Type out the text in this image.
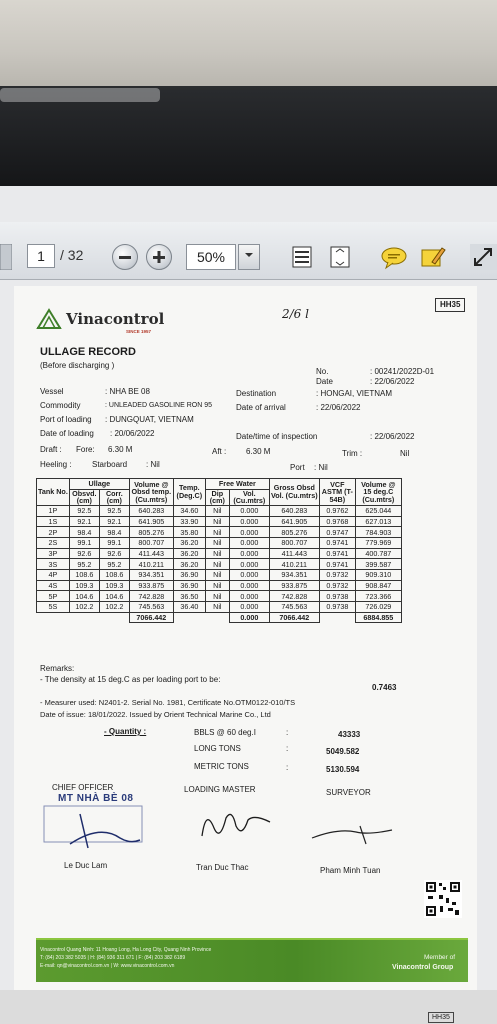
1	/ 32	50%
HH35
2/6 l
Vinacontrol
SINCE 1957
ULLAGE RECORD
(Before discharging )
No.	: 00241/2022D-01
Date	: 22/06/2022
Vessel	: NHA BE 08	Destination	: HONGAI, VIETNAM
Commodity	: UNLEADED GASOLINE RON 95	Date of arrival	: 22/06/2022
Port of loading : DUNGQUAT, VIETNAM
Date of loading : 20/06/2022	Date/time of inspection	: 22/06/2022
Draft : Fore: 6.30 M	Aft : 6.30 M	Trim :	Nil
Heeling :	Starboard : Nil	Port : Nil
Tank No.	Ullage		Volume @ Obsd temp. (Cu.mtrs)	Temp. (Deg.C)	Free Water		Gross Obsd Vol. (Cu.mtrs)	VCF ASTM (T-54B)	Volume @ 15 deg.C (Cu.mtrs)
	Obsvd. (cm)	Corr. (cm)			Dip (cm)	Vol. (Cu.mtrs)			
1P	92.5	92.5	640.283	34.60	Nil	0.000	640.283	0.9762	625.044
1S	92.1	92.1	641.905	33.90	Nil	0.000	641.905	0.9768	627.013
2P	98.4	98.4	805.276	35.80	Nil	0.000	805.276	0.9747	784.903
2S	99.1	99.1	800.707	36.20	Nil	0.000	800.707	0.9741	779.969
3P	92.6	92.6	411.443	36.20	Nil	0.000	411.443	0.9741	400.787
3S	95.2	95.2	410.211	36.20	Nil	0.000	410.211	0.9741	399.587
4P	108.6	108.6	934.351	36.90	Nil	0.000	934.351	0.9732	909.310
4S	109.3	109.3	933.875	36.90	Nil	0.000	933.875	0.9732	908.847
5P	104.6	104.6	742.828	36.50	Nil	0.000	742.828	0.9738	723.366
5S	102.2	102.2	745.563	36.40	Nil	0.000	745.563	0.9738	726.029
			7066.442			0.000	7066.442		6884.855
Remarks:
- The density at 15 deg.C as per loading port to be:
0.7463
- Measurer used: N2401-2. Serial No. 1981, Certificate No.OTM0122-010/TS
Date of issue: 18/01/2022. Issued by Orient Technical Marine Co., Ltd
- Quantity :	BBLS @ 60 deg.I	:	43333
LONG TONS	:	5049.582
METRIC TONS	:	5130.594
CHIEF OFFICER
MT NHÀ BÈ 08
LOADING MASTER	SURVEYOR
Le Duc Lam	Tran Duc Thac	Pham Minh Tuan
Vinacontrol Quang Ninh: 11 Hoang Long, Ha Long City, Quang Ninh Province
T: (84) 203 382 5035 | H: (84) 936 311 671 | F: (84) 203 382 6189
E-mail: qn@vinacontrol.com.vn | W: www.vinacontrol.com.vn
Member of
Vinacontrol Group
HH35
